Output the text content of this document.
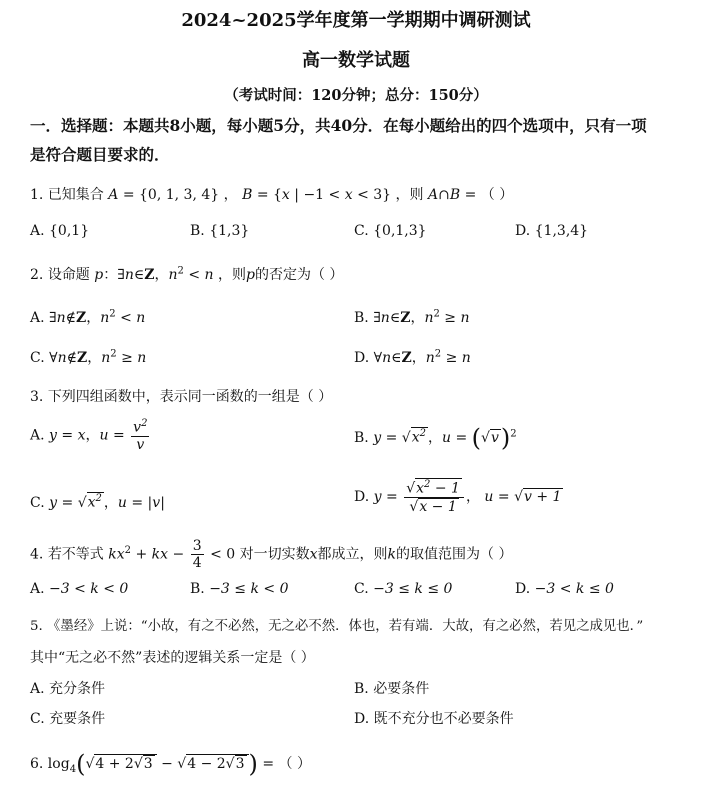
2024~2025学年度第一学期期中调研测试
高一数学试题
（考试时间：120分钟；总分：150分）
一．选择题：本题共8小题，每小题5分，共40分．在每小题给出的四个选项中，只有一项
是符合题目要求的．
1. 已知集合 A = {0, 1, 3, 4} ， B = {x | −1 < x < 3} ，则 A∩B = （ ）
A. {0,1}	B. {1,3}	C. {0,1,3}	D. {1,3,4}
2. 设命题 p：∃n∈Z，$n^2 < n$ ，则p的否定为（ ）
A. ∃n∉Z，$n^2 < n$	B. ∃n∈Z，$n^2 \ge n$
C. ∀n∉Z，$n^2 \ge n$	D. ∀n∈Z，$n^2 \ge n$
3. 下列四组函数中，表示同一函数的一组是（ ）
A. y = x，$u = \frac{v^2}{v}$	B. $y = √x^2$ ，$u = (√v)^2$
C. $y = √x^2$ ，u = |v|	D. $y = \frac{√x^2 - 1}{√x - 1}$ ， u = √v + 1
4. 若不等式 $kx^2$ + kx − $\frac{3}{4} < 0$ 对一切实数x都成立，则k的取值范围为（ ）
A. −3 < k < 0	B. −3 ≤ k < 0	C. −3 ≤ k ≤ 0	D. −3 < k ≤ 0
5. 《墨经》上说：“小故，有之不必然，无之必不然．体也，若有端．大故，有之必然，若见之成见也．”
其中“无之必不然”表述的逻辑关系一定是（ ）
A. 充分条件	B. 必要条件
C. 充要条件	D. 既不充分也不必要条件
6. $\log_4(√4 + 2√3 - √4 - 2√3$ ) = （ ）
